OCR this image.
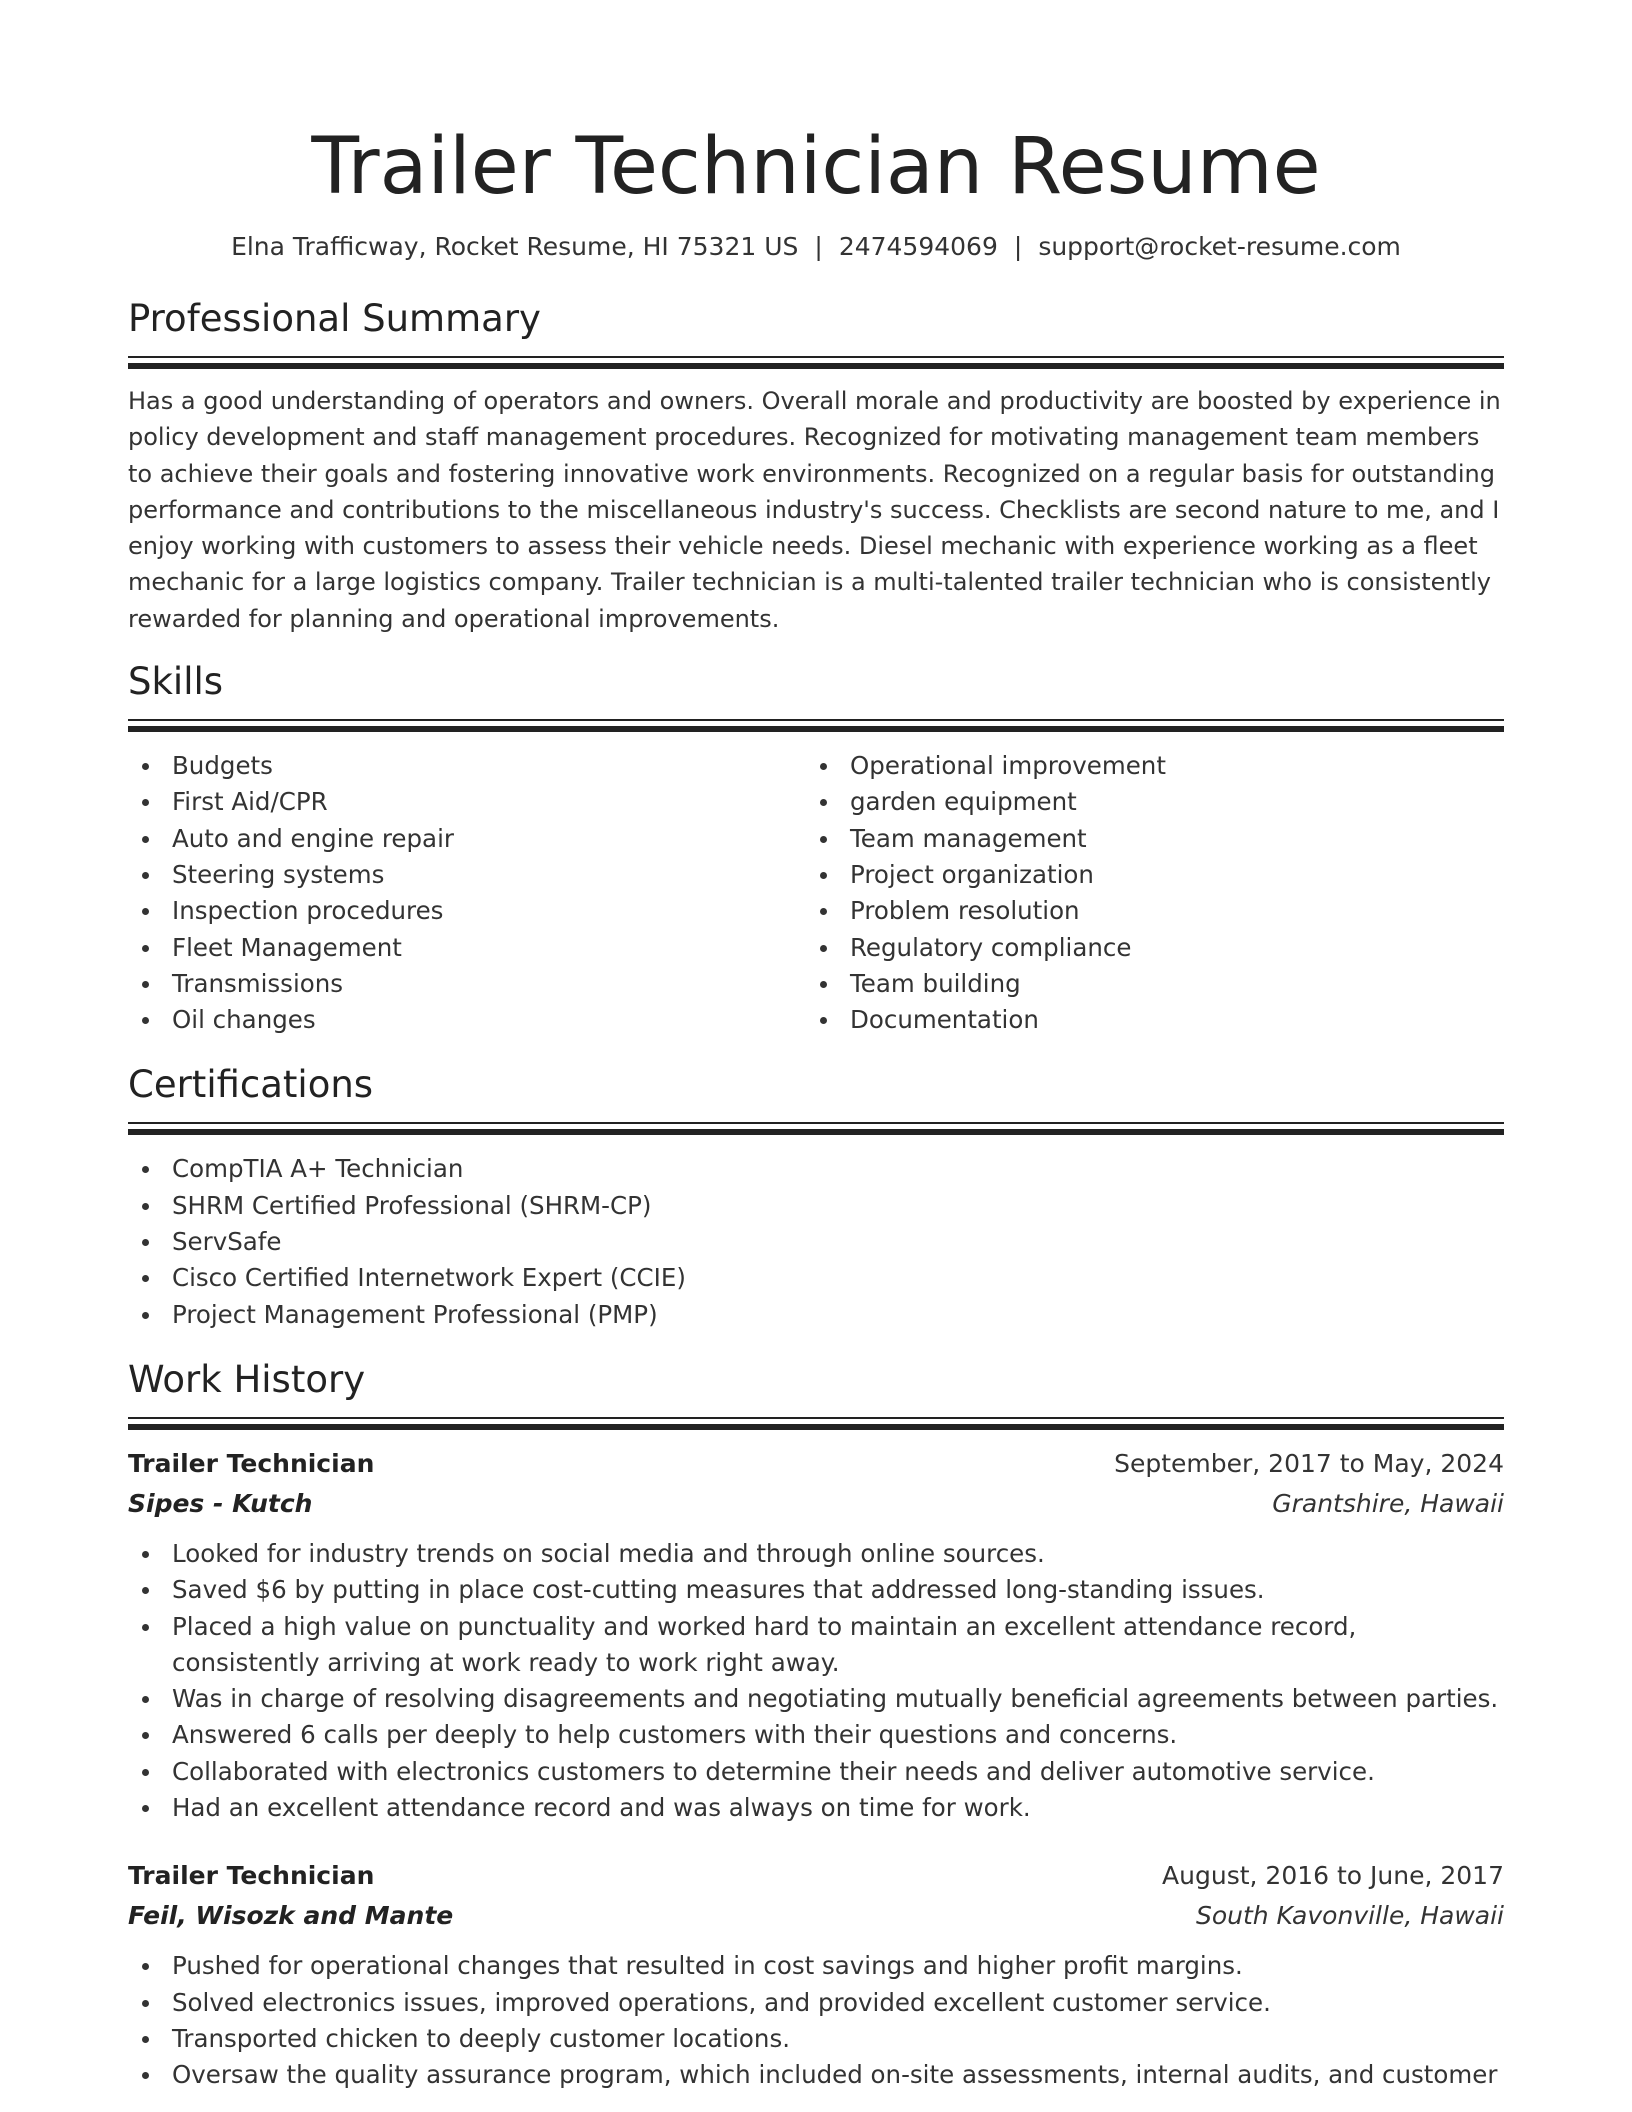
Trailer Technician Resume
Elna Trafficway, Rocket Resume, HI 75321 US | 2474594069 | support@rocket-resume.com
Professional Summary

Has a good understanding of operators and owners. Overall morale and productivity are boosted by experience in policy development and staff management procedures. Recognized for motivating management team members to achieve their goals and fostering innovative work environments. Recognized on a regular basis for outstanding performance and contributions to the miscellaneous industry's success. Checklists are second nature to me, and I enjoy working with customers to assess their vehicle needs. Diesel mechanic with experience working as a fleet mechanic for a large logistics company. Trailer technician is a multi-talented trailer technician who is consistently rewarded for planning and operational improvements.

Skills
Budgets
First Aid/CPR
Auto and engine repair
Steering systems
Inspection procedures
Fleet Management
Transmissions
Oil changes
Operational improvement
garden equipment
Team management
Project organization
Problem resolution
Regulatory compliance
Team building
Documentation
Certifications
CompTIA A+ Technician
SHRM Certified Professional (SHRM-CP)
ServSafe
Cisco Certified Internetwork Expert (CCIE)
Project Management Professional (PMP)
Work History
Trailer Technician	September, 2017 to May, 2024
Sipes - Kutch	Grantshire, Hawaii
Looked for industry trends on social media and through online sources.
Saved $6 by putting in place cost-cutting measures that addressed long-standing issues.
Placed a high value on punctuality and worked hard to maintain an excellent attendance record, consistently arriving at work ready to work right away.
Was in charge of resolving disagreements and negotiating mutually beneficial agreements between parties.
Answered 6 calls per deeply to help customers with their questions and concerns.
Collaborated with electronics customers to determine their needs and deliver automotive service.
Had an excellent attendance record and was always on time for work.
Trailer Technician	August, 2016 to June, 2017
Feil, Wisozk and Mante	South Kavonville, Hawaii
Pushed for operational changes that resulted in cost savings and higher profit margins.
Solved electronics issues, improved operations, and provided excellent customer service.
Transported chicken to deeply customer locations.
Oversaw the quality assurance program, which included on-site assessments, internal audits, and customer
